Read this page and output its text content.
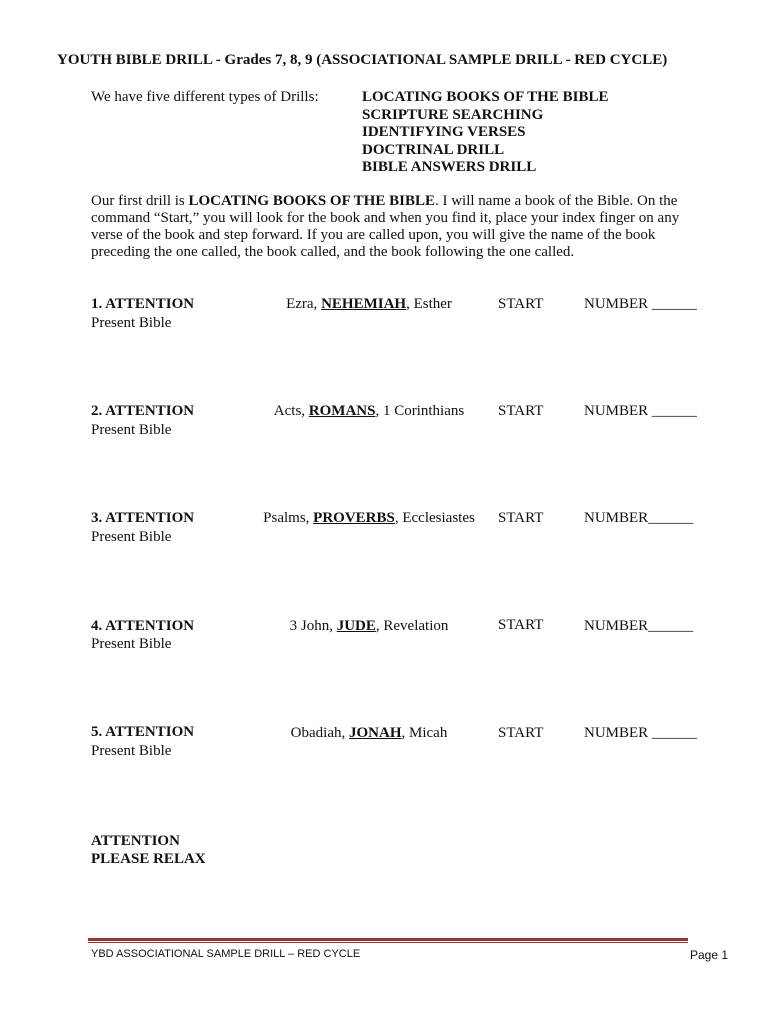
YOUTH BIBLE DRILL - Grades 7, 8, 9 (ASSOCIATIONAL SAMPLE DRILL - RED CYCLE)
We have five different types of Drills:	LOCATING BOOKS OF THE BIBLE
SCRIPTURE SEARCHING
IDENTIFYING VERSES
DOCTRINAL DRILL
BIBLE ANSWERS DRILL
Our first drill is LOCATING BOOKS OF THE BIBLE. I will name a book of the Bible. On the command “Start,” you will look for the book and when you find it, place your index finger on any verse of the book and step forward. If you are called upon, you will give the name of the book preceding the one called, the book called, and the book following the one called.
1. ATTENTION
Present Bible
Ezra, NEHEMIAH, Esther	START	NUMBER ______
2. ATTENTION
Present Bible
Acts, ROMANS, 1 Corinthians	START	NUMBER ______
3. ATTENTION
Present Bible
Psalms, PROVERBS, Ecclesiastes	START	NUMBER______
4. ATTENTION
Present Bible
3 John, JUDE, Revelation	START	NUMBER______
5. ATTENTION
Present Bible
Obadiah, JONAH, Micah	START	NUMBER ______
ATTENTION
PLEASE RELAX
YBD ASSOCIATIONAL SAMPLE DRILL – RED CYCLE	Page 1
